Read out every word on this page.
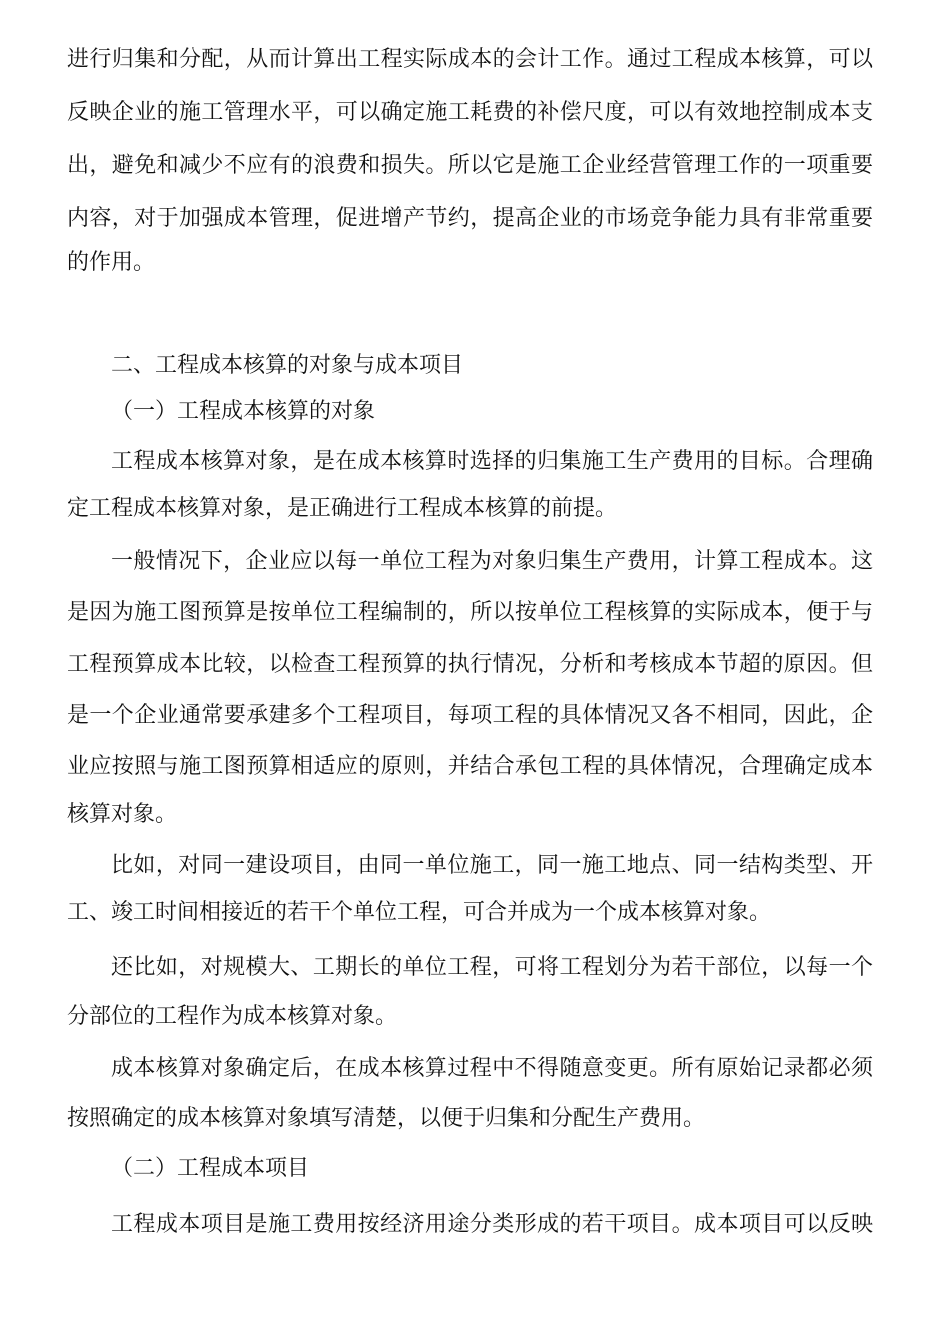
进行归集和分配，从而计算出工程实际成本的会计工作。通过工程成本核算，可以
反映企业的施工管理水平，可以确定施工耗费的补偿尺度，可以有效地控制成本支
出，避免和减少不应有的浪费和损失。所以它是施工企业经营管理工作的一项重要
内容，对于加强成本管理，促进增产节约，提高企业的市场竞争能力具有非常重要
的作用。
二、工程成本核算的对象与成本项目
（一）工程成本核算的对象
工程成本核算对象，是在成本核算时选择的归集施工生产费用的目标。合理确
定工程成本核算对象，是正确进行工程成本核算的前提。
一般情况下，企业应以每一单位工程为对象归集生产费用，计算工程成本。这
是因为施工图预算是按单位工程编制的，所以按单位工程核算的实际成本，便于与
工程预算成本比较，以检查工程预算的执行情况，分析和考核成本节超的原因。但
是一个企业通常要承建多个工程项目，每项工程的具体情况又各不相同，因此，企
业应按照与施工图预算相适应的原则，并结合承包工程的具体情况，合理确定成本
核算对象。
比如，对同一建设项目，由同一单位施工，同一施工地点、同一结构类型、开
工、竣工时间相接近的若干个单位工程，可合并成为一个成本核算对象。
还比如，对规模大、工期长的单位工程，可将工程划分为若干部位，以每一个
分部位的工程作为成本核算对象。
成本核算对象确定后，在成本核算过程中不得随意变更。所有原始记录都必须
按照确定的成本核算对象填写清楚，以便于归集和分配生产费用。
（二）工程成本项目
工程成本项目是施工费用按经济用途分类形成的若干项目。成本项目可以反映
